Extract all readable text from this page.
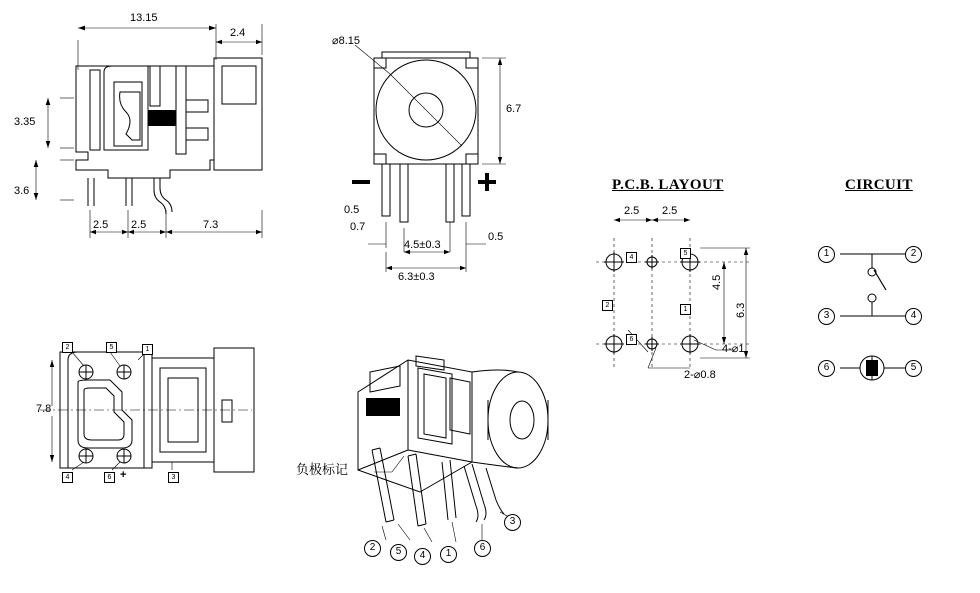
13.15
2.4
3.35
3.6
2.5 2.5	7.3
⌀8.15
6.7
0.5
0.7
0.5
4.5±0.3
6.3±0.3
7.8
2	5	1
4	6	3
+	负极标记
2	5	4	1
6
3
P.C.B. LAYOUT
2.5 2.5
4.5
6.3
4-⌀1
2-⌀0.8
4
2
5
1
6
CIRCUIT
1	2
3	4
6	5
